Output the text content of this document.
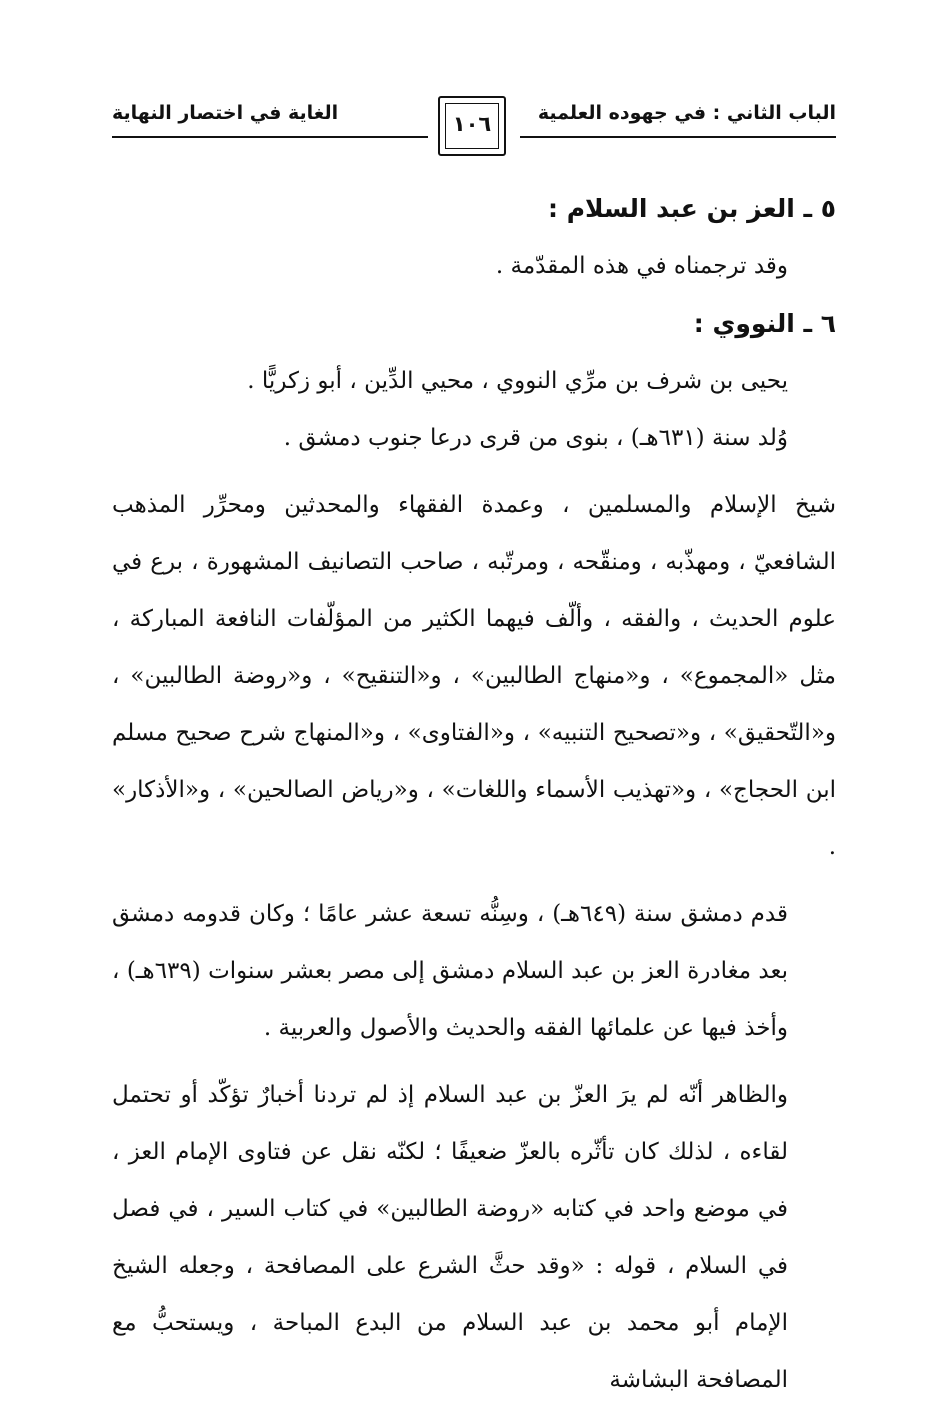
الغاية في اختصار النهاية	الباب الثاني : في جهوده العلمية
١٠٦

٥ ـ العز بن عبد السلام :

وقد ترجمناه في هذه المقدّمة .

٦ ـ النووي :

يحيى بن شرف بن مرِّي النووي ، محيي الدِّين ، أبو زكريًّا .

وُلد سنة (٦٣١هـ) ، بنوى من قرى درعا جنوب دمشق .

شيخ الإسلام والمسلمين ، وعمدة الفقهاء والمحدثين ومحرِّر المذهب الشافعيّ ، ومهذّبه ، ومنقّحه ، ومرتّبه ، صاحب التصانيف المشهورة ، برع في علوم الحديث ، والفقه ، وألّف فيهما الكثير من المؤلّفات النافعة المباركة ، مثل «المجموع» ، و«منهاج الطالبين» ، و«التنقيح» ، و«روضة الطالبين» ، و«التّحقيق» ، و«تصحيح التنبيه» ، و«الفتاوى» ، و«المنهاج شرح صحيح مسلم ابن الحجاج» ، و«تهذيب الأسماء واللغات» ، و«رياض الصالحين» ، و«الأذكار» .

قدم دمشق سنة (٦٤٩هـ) ، وسِنُّه تسعة عشر عامًا ؛ وكان قدومه دمشق بعد مغادرة العز بن عبد السلام دمشق إلى مصر بعشر سنوات (٦٣٩هـ) ، وأخذ فيها عن علمائها الفقه والحديث والأصول والعربية .

والظاهر أنّه لم يرَ العزّ بن عبد السلام إذ لم تردنا أخبارٌ تؤكّد أو تحتمل لقاءه ، لذلك كان تأثّره بالعزّ ضعيفًا ؛ لكنّه نقل عن فتاوى الإمام العز ، في موضع واحد في كتابه «روضة الطالبين» في كتاب السير ، في فصل في السلام ، قوله : «وقد حثَّ الشرع على المصافحة ، وجعله الشيخ الإمام أبو محمد بن عبد السلام من البدع المباحة ، ويستحبُّ مع المصافحة البشاشة
